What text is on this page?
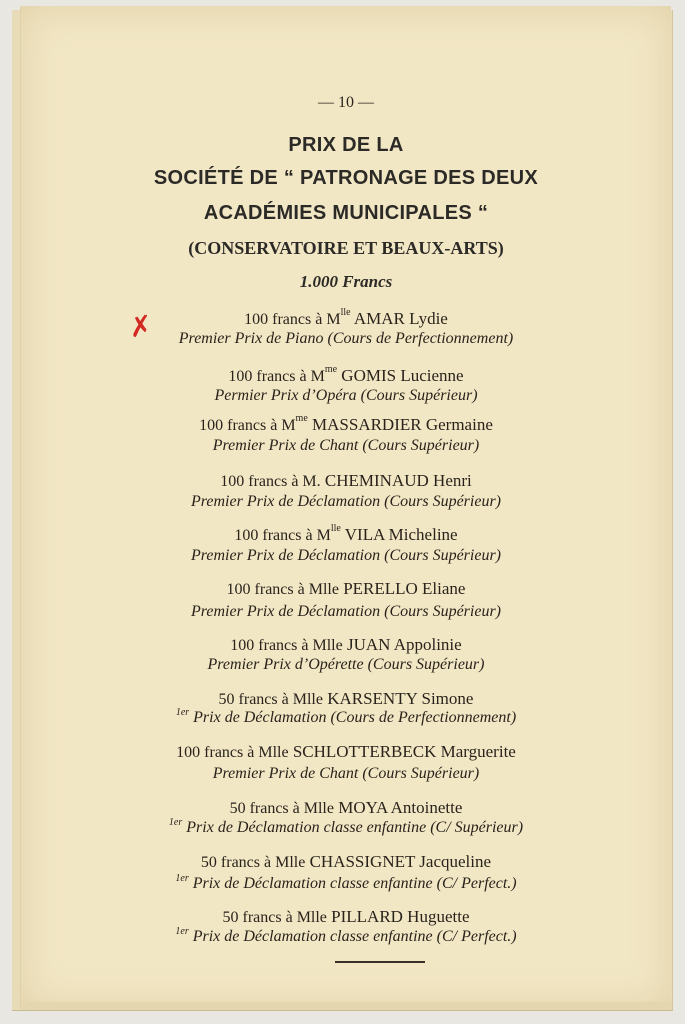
— 10 —
PRIX DE LA
SOCIÉTÉ DE “ PATRONAGE DES DEUX
ACADÉMIES MUNICIPALES “
(CONSERVATOIRE ET BEAUX-ARTS)
1.000 Francs
100 francs à $M^{lle}$ AMAR Lydie
Premier Prix de Piano (Cours de Perfectionnement)
100 francs à $M^{me}$ GOMIS Lucienne
Permier Prix d’Opéra (Cours Supérieur)
100 francs à $M^{me}$ MASSARDIER Germaine
Premier Prix de Chant (Cours Supérieur)
100 francs à M. CHEMINAUD Henri
Premier Prix de Déclamation (Cours Supérieur)
100 francs à $M^{lle}$ VILA Micheline
Premier Prix de Déclamation (Cours Supérieur)
100 francs à Mlle PERELLO Eliane
Premier Prix de Déclamation (Cours Supérieur)
100 francs à Mlle JUAN Appolinie
Premier Prix d’Opérette (Cours Supérieur)
50 francs à Mlle KARSENTY Simone
$^{1er}$ Prix de Déclamation (Cours de Perfectionnement)
100 francs à Mlle SCHLOTTERBECK Marguerite
Premier Prix de Chant (Cours Supérieur)
50 francs à Mlle MOYA Antoinette
$^{1er}$ Prix de Déclamation classe enfantine (C/ Supérieur)
50 francs à Mlle CHASSIGNET Jacqueline
$^{1er}$ Prix de Déclamation classe enfantine (C/ Perfect.)
50 francs à Mlle PILLARD Huguette
$^{1er}$ Prix de Déclamation classe enfantine (C/ Perfect.)
✗
